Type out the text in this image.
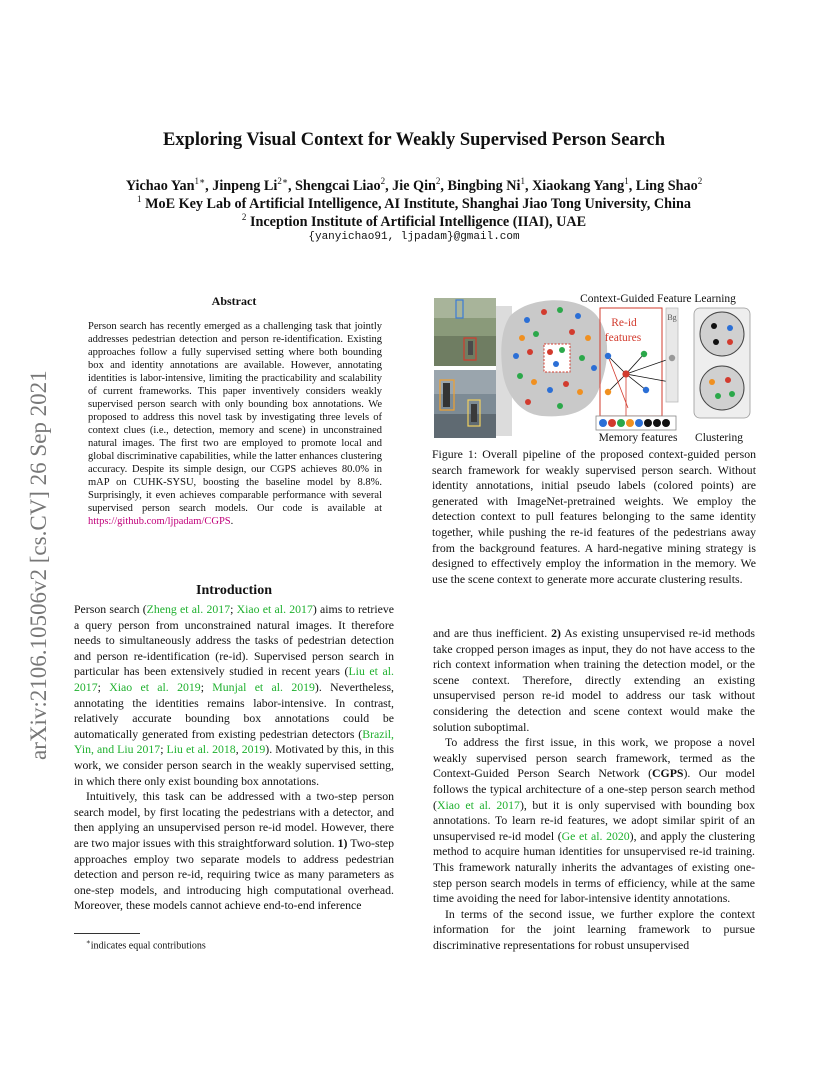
arXiv:2106.10506v2 [cs.CV] 26 Sep 2021
Exploring Visual Context for Weakly Supervised Person Search
Yichao Yan$^{1∗}$, Jinpeng $Li^{2∗}$, Shengcai Liao$^2$, Jie Qin$^2$, Bingbing Ni$^1$, Xiaokang Yang$^1$, Ling Shao$^2$
$^1$ MoE Key Lab of Artificial Intelligence, AI Institute, Shanghai Jiao Tong University, China
$^2$ Inception Institute of Artificial Intelligence (IIAI), UAE
{yanyichao91, ljpadam}@gmail.com
Abstract
Person search has recently emerged as a challenging task that jointly addresses pedestrian detection and person re-identification. Existing approaches follow a fully supervised setting where both bounding box and identity annotations are available. However, annotating identities is labor-intensive, limiting the practicability and scalability of current frameworks. This paper inventively considers weakly supervised person search with only bounding box annotations. We proposed to address this novel task by investigating three levels of context clues (i.e., detection, memory and scene) in unconstrained natural images. The first two are employed to promote local and global discriminative capabilities, while the latter enhances clustering accuracy. Despite its simple design, our CGPS achieves 80.0% in mAP on CUHK-SYSU, boosting the baseline model by 8.8%. Surprisingly, it even achieves comparable performance with several supervised person search models. Our code is available at https://github.com/ljpadam/CGPS.
Introduction

Person search (Zheng et al. 2017; Xiao et al. 2017) aims to retrieve a query person from unconstrained natural images. It therefore needs to simultaneously address the tasks of pedestrian detection and person re-identification (re-id). Supervised person search in particular has been extensively studied in recent years (Liu et al. 2017; Xiao et al. 2019; Munjal et al. 2019). Nevertheless, annotating the identities remains labor-intensive. In contrast, relatively accurate bounding box annotations could be automatically generated from existing pedestrian detectors (Brazil, Yin, and Liu 2017; Liu et al. 2018, 2019). Motivated by this, in this work, we consider person search in the weakly supervised setting, in which there only exist bounding box annotations.

Intuitively, this task can be addressed with a two-step person search model, by first locating the pedestrians with a detector, and then applying an unsupervised person re-id model. However, there are two major issues with this straightforward solution. 1) Two-step approaches employ two separate models to address pedestrian detection and person re-id, requiring twice as many parameters as one-step models, and introducing high computational overhead. Moreover, these models cannot achieve end-to-end inference

∗indicates equal contributions
Context-Guided Feature Learning
Re-id
features
Bg
Memory features Clustering
Figure 1: Overall pipeline of the proposed context-guided person search framework for weakly supervised person search. Without identity annotations, initial pseudo labels (colored points) are generated with ImageNet-pretrained weights. We employ the detection context to pull features belonging to the same identity together, while pushing the re-id features of the pedestrians away from the background features. A hard-negative mining strategy is designed to effectively employ the information in the memory. We use the scene context to generate more accurate clustering results.

and are thus inefficient. 2) As existing unsupervised re-id methods take cropped person images as input, they do not have access to the rich context information when training the detection model, or the scene context. Therefore, directly extending an existing unsupervised person re-id model to address our task without considering the detection and scene context would make the solution suboptimal.

To address the first issue, in this work, we propose a novel weakly supervised person search framework, termed as the Context-Guided Person Search Network (CGPS). Our model follows the typical architecture of a one-step person search method (Xiao et al. 2017), but it is only supervised with bounding box annotations. To learn re-id features, we adopt similar spirit of an unsupervised re-id model (Ge et al. 2020), and apply the clustering method to acquire human identities for unsupervised re-id training. This framework naturally inherits the advantages of existing one-step person search models in terms of efficiency, while at the same time avoiding the need for labor-intensive identity annotations.

In terms of the second issue, we further explore the context information for the joint learning framework to pursue discriminative representations for robust unsupervised
